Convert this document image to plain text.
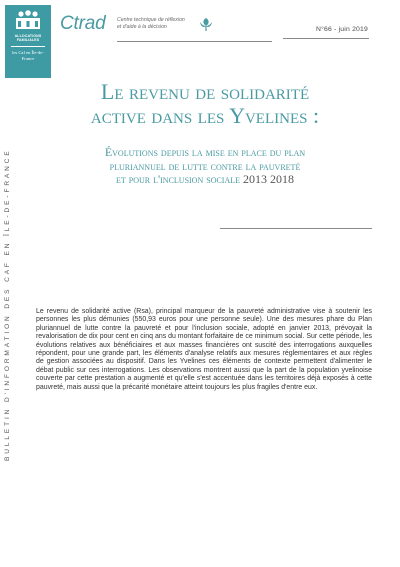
ALLOCATIONS FAMILIALES
les Caf en Île-de-France
Ctrad Centre technique de réflexion
et d'aide à la décision	N°66 - juin 2019
BULLETIN D'INFORMATION DES CAF EN ÎLE-DE-FRANCE
Le revenu de solidarité
active dans les Yvelines :
Évolutions depuis la mise en place du plan
pluriannuel de lutte contre la pauvreté
et pour l'inclusion sociale 2013 2018
Le revenu de solidarité active (Rsa), principal marqueur de la pauvreté administrative vise à soutenir les personnes les plus démunies (550,93 euros pour une personne seule). Une des mesures phare du Plan pluriannuel de lutte contre la pauvreté et pour l'inclusion sociale, adopté en janvier 2013, prévoyait la revalorisation de dix pour cent en cinq ans du montant forfaitaire de ce minimum social. Sur cette période, les évolutions relatives aux bénéficiaires et aux masses financières ont suscité des interrogations auxquelles répondent, pour une grande part, les éléments d'analyse relatifs aux mesures réglementaires et aux règles de gestion associées au dispositif. Dans les Yvelines ces éléments de contexte permettent d'alimenter le débat public sur ces interrogations. Les observations montrent aussi que la part de la population yvelinoise couverte par cette prestation a augmenté et qu'elle s'est accentuée dans les territoires déjà exposés à cette pauvreté, mais aussi que la précarité monétaire atteint toujours les plus fragiles d'entre eux.
